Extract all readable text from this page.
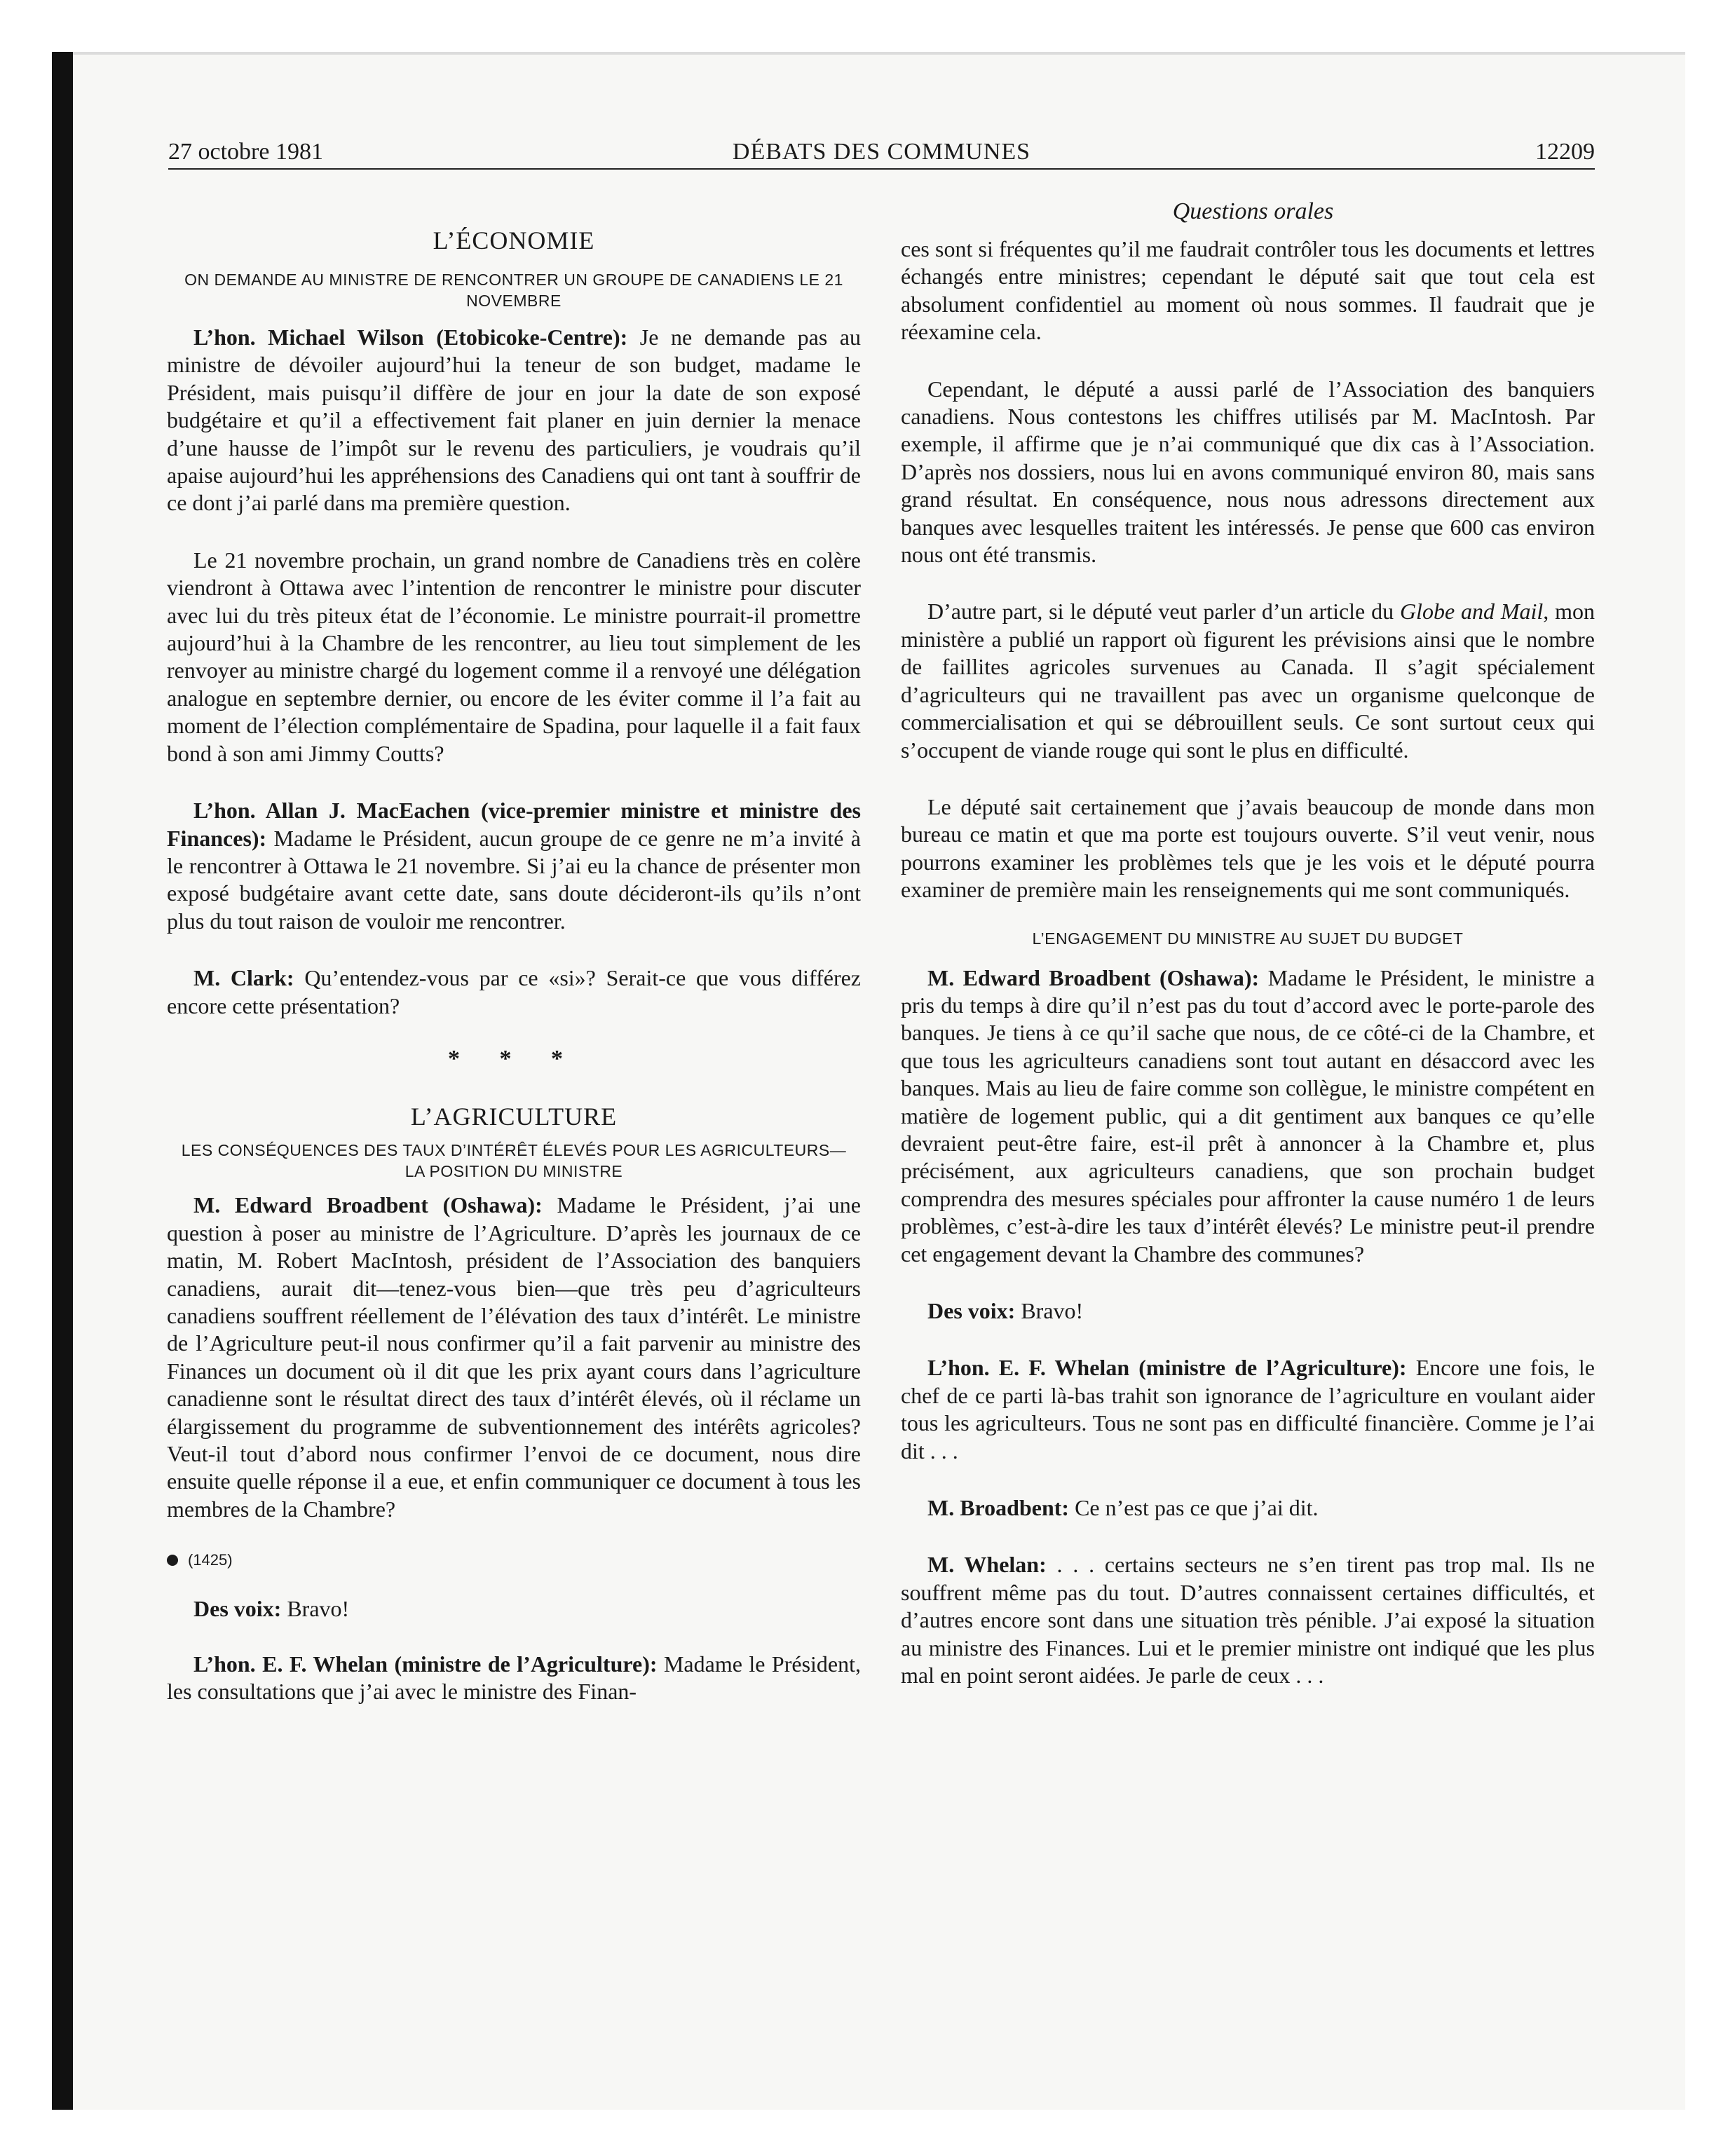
27 octobre 1981	DÉBATS DES COMMUNES	12209
Questions orales

L’ÉCONOMIE

ON DEMANDE AU MINISTRE DE RENCONTRER UN GROUPE DE CANADIENS LE 21 NOVEMBRE

L’hon. Michael Wilson (Etobicoke-Centre): Je ne demande pas au ministre de dévoiler aujourd’hui la teneur de son budget, madame le Président, mais puisqu’il diffère de jour en jour la date de son exposé budgétaire et qu’il a effectivement fait planer en juin dernier la menace d’une hausse de l’impôt sur le revenu des particuliers, je voudrais qu’il apaise aujourd’hui les appréhensions des Canadiens qui ont tant à souffrir de ce dont j’ai parlé dans ma première question.

Le 21 novembre prochain, un grand nombre de Canadiens très en colère viendront à Ottawa avec l’intention de rencontrer le ministre pour discuter avec lui du très piteux état de l’économie. Le ministre pourrait-il promettre aujourd’hui à la Chambre de les rencontrer, au lieu tout simplement de les renvoyer au ministre chargé du logement comme il a renvoyé une délégation analogue en septembre dernier, ou encore de les éviter comme il l’a fait au moment de l’élection complémentaire de Spadina, pour laquelle il a fait faux bond à son ami Jimmy Coutts?

L’hon. Allan J. MacEachen (vice-premier ministre et ministre des Finances): Madame le Président, aucun groupe de ce genre ne m’a invité à le rencontrer à Ottawa le 21 novembre. Si j’ai eu la chance de présenter mon exposé budgétaire avant cette date, sans doute décideront-ils qu’ils n’ont plus du tout raison de vouloir me rencontrer.

M. Clark: Qu’entendez-vous par ce «si»? Serait-ce que vous différez encore cette présentation?

* * *

L’AGRICULTURE

LES CONSÉQUENCES DES TAUX D’INTÉRÊT ÉLEVÉS POUR LES AGRICULTEURS—LA POSITION DU MINISTRE

M. Edward Broadbent (Oshawa): Madame le Président, j’ai une question à poser au ministre de l’Agriculture. D’après les journaux de ce matin, M. Robert MacIntosh, président de l’Association des banquiers canadiens, aurait dit—tenez-vous bien—que très peu d’agriculteurs canadiens souffrent réellement de l’élévation des taux d’intérêt. Le ministre de l’Agriculture peut-il nous confirmer qu’il a fait parvenir au ministre des Finances un document où il dit que les prix ayant cours dans l’agriculture canadienne sont le résultat direct des taux d’intérêt élevés, où il réclame un élargissement du programme de subventionnement des intérêts agricoles? Veut-il tout d’abord nous confirmer l’envoi de ce document, nous dire ensuite quelle réponse il a eue, et enfin communiquer ce document à tous les membres de la Chambre?

(1425)

Des voix: Bravo!

L’hon. E. F. Whelan (ministre de l’Agriculture): Madame le Président, les consultations que j’ai avec le ministre des Finan-

ces sont si fréquentes qu’il me faudrait contrôler tous les documents et lettres échangés entre ministres; cependant le député sait que tout cela est absolument confidentiel au moment où nous sommes. Il faudrait que je réexamine cela.

Cependant, le député a aussi parlé de l’Association des banquiers canadiens. Nous contestons les chiffres utilisés par M. MacIntosh. Par exemple, il affirme que je n’ai communiqué que dix cas à l’Association. D’après nos dossiers, nous lui en avons communiqué environ 80, mais sans grand résultat. En conséquence, nous nous adressons directement aux banques avec lesquelles traitent les intéressés. Je pense que 600 cas environ nous ont été transmis.

D’autre part, si le député veut parler d’un article du Globe and Mail, mon ministère a publié un rapport où figurent les prévisions ainsi que le nombre de faillites agricoles survenues au Canada. Il s’agit spécialement d’agriculteurs qui ne travaillent pas avec un organisme quelconque de commercialisation et qui se débrouillent seuls. Ce sont surtout ceux qui s’occupent de viande rouge qui sont le plus en difficulté.

Le député sait certainement que j’avais beaucoup de monde dans mon bureau ce matin et que ma porte est toujours ouverte. S’il veut venir, nous pourrons examiner les problèmes tels que je les vois et le député pourra examiner de première main les renseignements qui me sont communiqués.

L’ENGAGEMENT DU MINISTRE AU SUJET DU BUDGET

M. Edward Broadbent (Oshawa): Madame le Président, le ministre a pris du temps à dire qu’il n’est pas du tout d’accord avec le porte-parole des banques. Je tiens à ce qu’il sache que nous, de ce côté-ci de la Chambre, et que tous les agriculteurs canadiens sont tout autant en désaccord avec les banques. Mais au lieu de faire comme son collègue, le ministre compétent en matière de logement public, qui a dit gentiment aux banques ce qu’elle devraient peut-être faire, est-il prêt à annoncer à la Chambre et, plus précisément, aux agriculteurs canadiens, que son prochain budget comprendra des mesures spéciales pour affronter la cause numéro 1 de leurs problèmes, c’est-à-dire les taux d’intérêt élevés? Le ministre peut-il prendre cet engagement devant la Chambre des communes?

Des voix: Bravo!

L’hon. E. F. Whelan (ministre de l’Agriculture): Encore une fois, le chef de ce parti là-bas trahit son ignorance de l’agriculture en voulant aider tous les agriculteurs. Tous ne sont pas en difficulté financière. Comme je l’ai dit . . .

M. Broadbent: Ce n’est pas ce que j’ai dit.

M. Whelan: . . . certains secteurs ne s’en tirent pas trop mal. Ils ne souffrent même pas du tout. D’autres connaissent certaines difficultés, et d’autres encore sont dans une situation très pénible. J’ai exposé la situation au ministre des Finances. Lui et le premier ministre ont indiqué que les plus mal en point seront aidées. Je parle de ceux . . .
